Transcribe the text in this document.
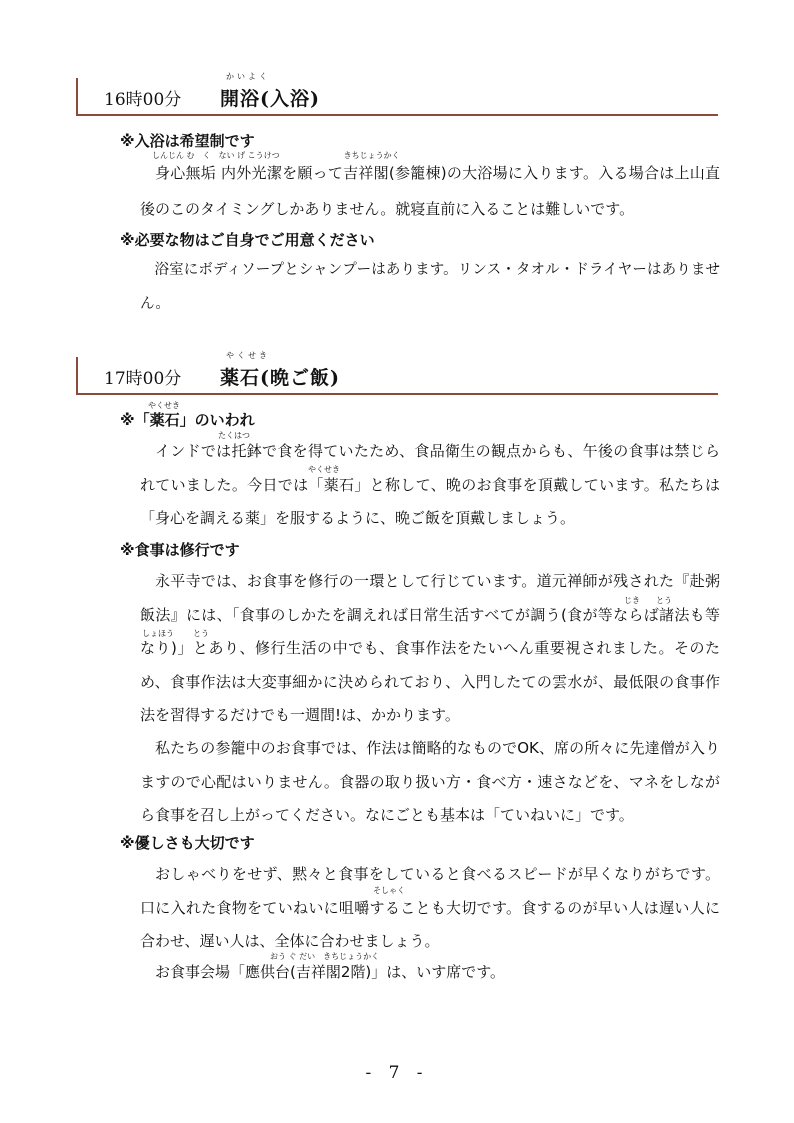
かいよく
16時00分 開浴(入浴)
※入浴は希望制です
しんじん む　く　ない げ こうけつ　　　　　　　　きちじょうかく

身心無垢 内外光潔を願って吉祥閣(参籠棟)の大浴場に入ります。入る場合は上山直後のこのタイミングしかありません。就寝直前に入ることは難しいです。

※必要な物はご自身でご用意ください

浴室にボディソープとシャンプーはあります。リンス・タオル・ドライヤーはありません。

やくせき
17時00分 薬石(晩ご飯)
やくせき
※「薬石」のいわれ
たくはつ
やくせき

インドでは托鉢で食を得ていたため、食品衛生の観点からも、午後の食事は禁じられていました。今日では「薬石」と称して、晩のお食事を頂戴しています。私たちは「身心を調える薬」を服するように、晩ご飯を頂戴しましょう。

※食事は修行です
じき とう
しょほう とう

永平寺では、お食事を修行の一環として行じています。道元禅師が残された『赴粥飯法』には、「食事のしかたを調えれば日常生活すべてが調う(食が等ならば諸法も等なり)」とあり、修行生活の中でも、食事作法をたいへん重要視されました。そのため、食事作法は大変事細かに決められており、入門したての雲水が、最低限の食事作法を習得するだけでも一週間!は、かかります。

私たちの参籠中のお食事では、作法は簡略的なものでOK、席の所々に先達僧が入りますので心配はいりません。食器の取り扱い方・食べ方・速さなどを、マネをしながら食事を召し上がってください。なにごとも基本は「ていねいに」です。

※優しさも大切です
そしゃく

おしゃべりをせず、黙々と食事をしていると食べるスピードが早くなりがちです。口に入れた食物をていねいに咀嚼することも大切です。食するのが早い人は遅い人に合わせ、遅い人は、全体に合わせましょう。

おう ぐ だい　きちじょうかく

お食事会場「應供台(吉祥閣2階)」は、いす席です。

- 7 -
